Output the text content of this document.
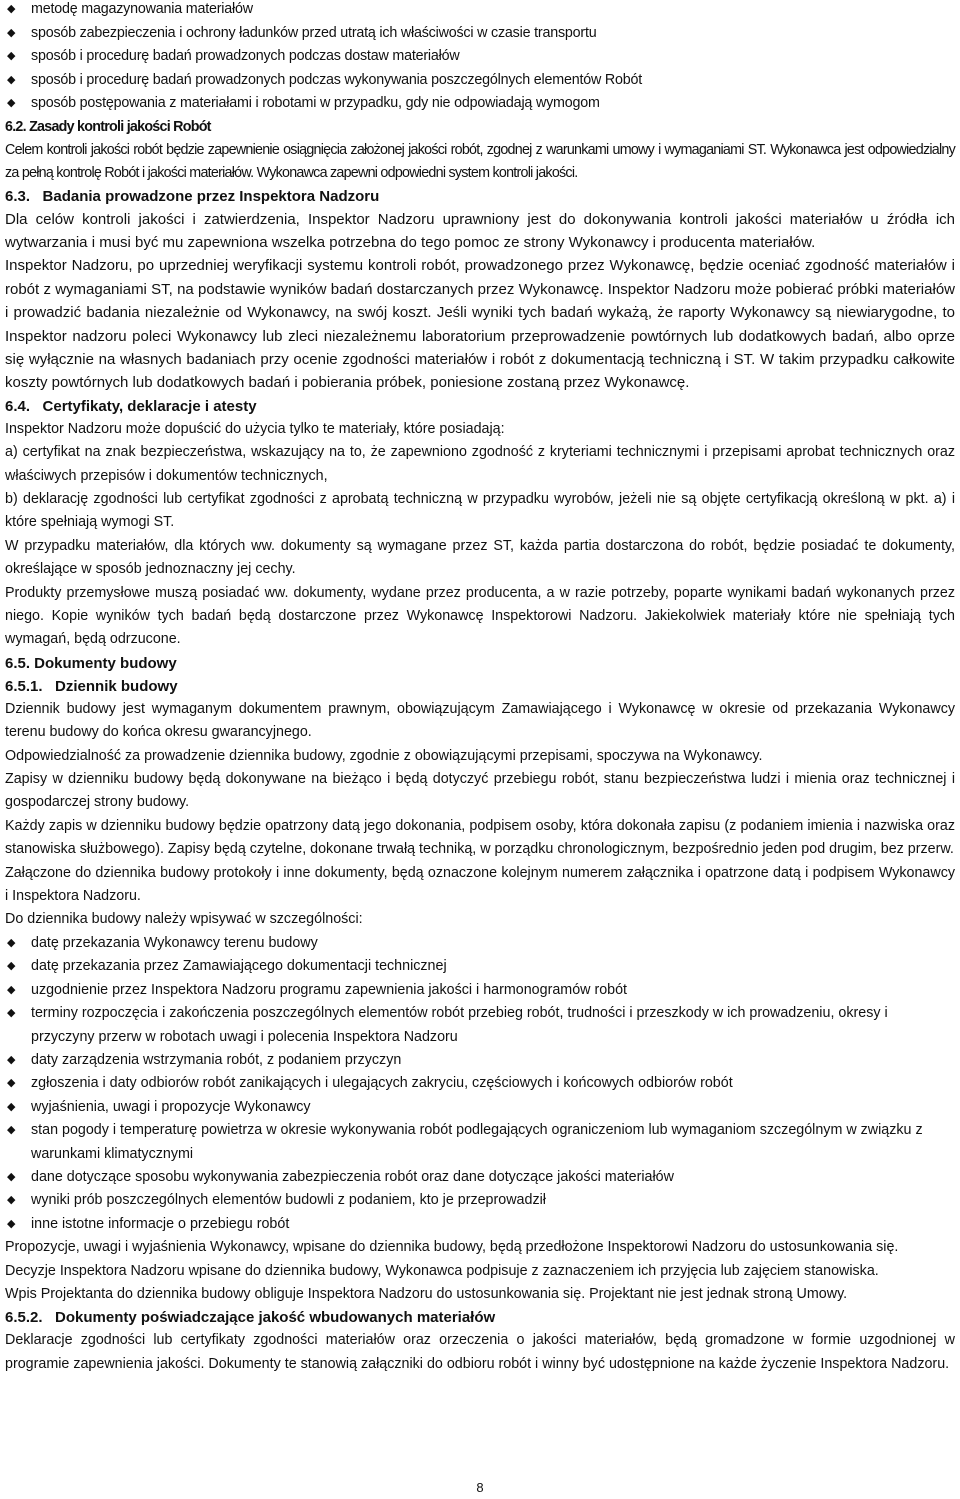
◆ metodę magazynowania materiałów
◆ sposób zabezpieczenia i ochrony ładunków przed utratą ich właściwości w czasie transportu
◆ sposób i procedurę badań prowadzonych podczas dostaw materiałów
◆ sposób i procedurę badań prowadzonych podczas wykonywania poszczególnych elementów Robót
◆ sposób postępowania z materiałami i robotami w przypadku, gdy nie odpowiadają wymogom

6.2. Zasady kontroli jakości Robót

Celem kontroli jakości robót będzie zapewnienie osiągnięcia założonej jakości robót, zgodnej z warunkami umowy i wymaganiami ST. Wykonawca jest odpowiedzialny za pełną kontrolę Robót i jakości materiałów. Wykonawca zapewni odpowiedni system kontroli jakości.

6.3. Badania prowadzone przez Inspektora Nadzoru

Dla celów kontroli jakości i zatwierdzenia, Inspektor Nadzoru uprawniony jest do dokonywania kontroli jakości materiałów u źródła ich wytwarzania i musi być mu zapewniona wszelka potrzebna do tego pomoc ze strony Wykonawcy i producenta materiałów.

Inspektor Nadzoru, po uprzedniej weryfikacji systemu kontroli robót, prowadzonego przez Wykonawcę, będzie oceniać zgodność materiałów i robót z wymaganiami ST, na podstawie wyników badań dostarczanych przez Wykonawcę. Inspektor Nadzoru może pobierać próbki materiałów i prowadzić badania niezależnie od Wykonawcy, na swój koszt. Jeśli wyniki tych badań wykażą, że raporty Wykonawcy są niewiarygodne, to Inspektor nadzoru poleci Wykonawcy lub zleci niezależnemu laboratorium przeprowadzenie powtórnych lub dodatkowych badań, albo oprze się wyłącznie na własnych badaniach przy ocenie zgodności materiałów i robót z dokumentacją techniczną i ST. W takim przypadku całkowite koszty powtórnych lub dodatkowych badań i pobierania próbek, poniesione zostaną przez Wykonawcę.

6.4. Certyfikaty, deklaracje i atesty

Inspektor Nadzoru może dopuścić do użycia tylko te materiały, które posiadają:

a) certyfikat na znak bezpieczeństwa, wskazujący na to, że zapewniono zgodność z kryteriami technicznymi i przepisami aprobat technicznych oraz właściwych przepisów i dokumentów technicznych,

b) deklarację zgodności lub certyfikat zgodności z aprobatą techniczną w przypadku wyrobów, jeżeli nie są objęte certyfikacją określoną w pkt. a) i które spełniają wymogi ST.

W przypadku materiałów, dla których ww. dokumenty są wymagane przez ST, każda partia dostarczona do robót, będzie posiadać te dokumenty, określające w sposób jednoznaczny jej cechy.

Produkty przemysłowe muszą posiadać ww. dokumenty, wydane przez producenta, a w razie potrzeby, poparte wynikami badań wykonanych przez niego. Kopie wyników tych badań będą dostarczone przez Wykonawcę Inspektorowi Nadzoru. Jakiekolwiek materiały które nie spełniają tych wymagań, będą odrzucone.

6.5. Dokumenty budowy

6.5.1. Dziennik budowy

Dziennik budowy jest wymaganym dokumentem prawnym, obowiązującym Zamawiającego i Wykonawcę w okresie od przekazania Wykonawcy terenu budowy do końca okresu gwarancyjnego.

Odpowiedzialność za prowadzenie dziennika budowy, zgodnie z obowiązującymi przepisami, spoczywa na Wykonawcy.

Zapisy w dzienniku budowy będą dokonywane na bieżąco i będą dotyczyć przebiegu robót, stanu bezpieczeństwa ludzi i mienia oraz technicznej i gospodarczej strony budowy.

Każdy zapis w dzienniku budowy będzie opatrzony datą jego dokonania, podpisem osoby, która dokonała zapisu (z podaniem imienia i nazwiska oraz stanowiska służbowego). Zapisy będą czytelne, dokonane trwałą techniką, w porządku chronologicznym, bezpośrednio jeden pod drugim, bez przerw.

Załączone do dziennika budowy protokoły i inne dokumenty, będą oznaczone kolejnym numerem załącznika i opatrzone datą i podpisem Wykonawcy i Inspektora Nadzoru.

Do dziennika budowy należy wpisywać w szczególności:

◆ datę przekazania Wykonawcy terenu budowy
◆ datę przekazania przez Zamawiającego dokumentacji technicznej
◆ uzgodnienie przez Inspektora Nadzoru programu zapewnienia jakości i harmonogramów robót
◆ terminy rozpoczęcia i zakończenia poszczególnych elementów robót przebieg robót, trudności i przeszkody w ich prowadzeniu, okresy i przyczyny przerw w robotach uwagi i polecenia Inspektora Nadzoru
◆ daty zarządzenia wstrzymania robót, z podaniem przyczyn
◆ zgłoszenia i daty odbiorów robót zanikających i ulegających zakryciu, częściowych i końcowych odbiorów robót
◆ wyjaśnienia, uwagi i propozycje Wykonawcy
◆ stan pogody i temperaturę powietrza w okresie wykonywania robót podlegających ograniczeniom lub wymaganiom szczególnym w związku z warunkami klimatycznymi
◆ dane dotyczące sposobu wykonywania zabezpieczenia robót oraz dane dotyczące jakości materiałów
◆ wyniki prób poszczególnych elementów budowli z podaniem, kto je przeprowadził
◆ inne istotne informacje o przebiegu robót

Propozycje, uwagi i wyjaśnienia Wykonawcy, wpisane do dziennika budowy, będą przedłożone Inspektorowi Nadzoru do ustosunkowania się.

Decyzje Inspektora Nadzoru wpisane do dziennika budowy, Wykonawca podpisuje z zaznaczeniem ich przyjęcia lub zajęciem stanowiska.

Wpis Projektanta do dziennika budowy obliguje Inspektora Nadzoru do ustosunkowania się. Projektant nie jest jednak stroną Umowy.

6.5.2. Dokumenty poświadczające jakość wbudowanych materiałów

Deklaracje zgodności lub certyfikaty zgodności materiałów oraz orzeczenia o jakości materiałów, będą gromadzone w formie uzgodnionej w programie zapewnienia jakości. Dokumenty te stanowią załączniki do odbioru robót i winny być udostępnione na każde życzenie Inspektora Nadzoru.

8
